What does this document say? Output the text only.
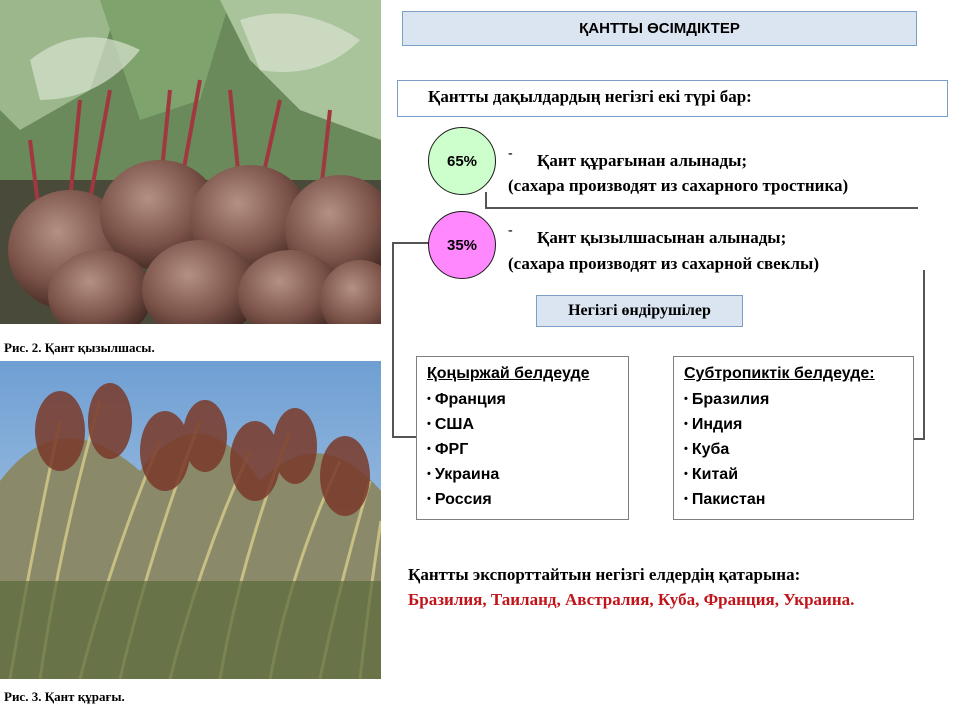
Рис. 2. Қант қызылшасы.
Рис. 3. Қант құрағы.
ҚАНТТЫ ӨСІМДІКТЕР
Қантты дақылдардың негізгі екі түрі бар:
65% - Қант құрағынан алынады;
(сахара производят из сахарного тростника)
35%
- Қант қызылшасынан алынады;
(сахара производят из сахарной свеклы)
Негізгі өндірушілер
Қоңыржай белдеуде
• Франция
• США
• ФРГ
• Украина
• Россия
Субтропиктік белдеуде:
• Бразилия
• Индия
• Куба
• Китай
• Пакистан
Қантты экспорттайтын негізгі елдердің қатарына:
Бразилия, Таиланд, Австралия, Куба, Франция, Украина.
